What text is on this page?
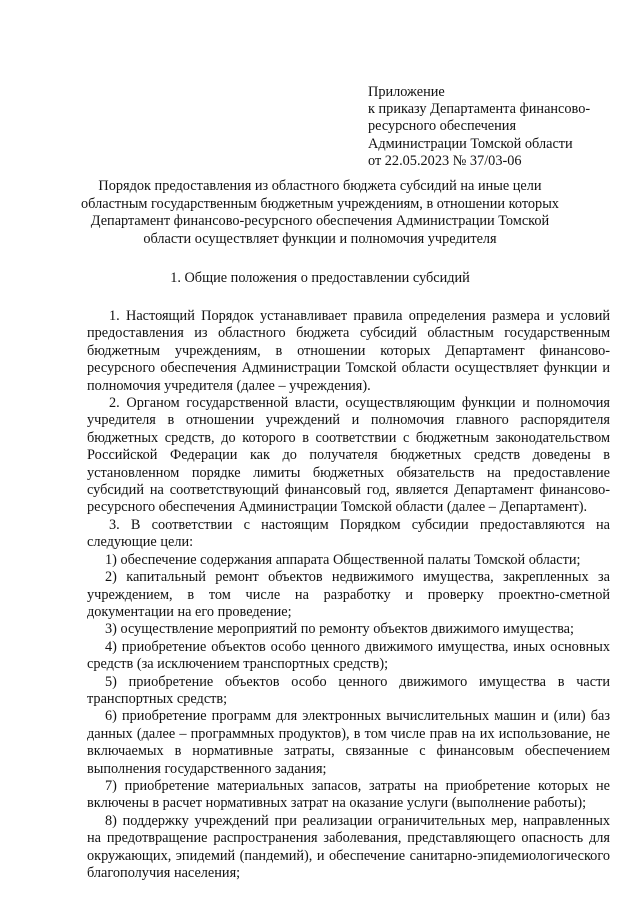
Приложение
к приказу Департамента финансово-
ресурсного обеспечения
Администрации Томской области
от 22.05.2023 № 37/03-06
Порядок предоставления из областного бюджета субсидий на иные цели областным государственным бюджетным учреждениям, в отношении которых Департамент финансово-ресурсного обеспечения Администрации Томской области осуществляет функции и полномочия учредителя
1. Общие положения о предоставлении субсидий

1. Настоящий Порядок устанавливает правила определения размера и условий предоставления из областного бюджета субсидий областным государственным бюджетным учреждениям, в отношении которых Департамент финансово-ресурсного обеспечения Администрации Томской области осуществляет функции и полномочия учредителя (далее ‒ учреждения).

2. Органом государственной власти, осуществляющим функции и полномочия учредителя в отношении учреждений и полномочия главного распорядителя бюджетных средств, до которого в соответствии с бюджетным законодательством Российской Федерации как до получателя бюджетных средств доведены в установленном порядке лимиты бюджетных обязательств на предоставление субсидий на соответствующий финансовый год, является Департамент финансово-ресурсного обеспечения Администрации Томской области (далее – Департамент).

3. В соответствии с настоящим Порядком субсидии предоставляются на следующие цели:

1) обеспечение содержания аппарата Общественной палаты Томской области;

2) капитальный ремонт объектов недвижимого имущества, закрепленных за учреждением, в том числе на разработку и проверку проектно-сметной документации на его проведение;

3) осуществление мероприятий по ремонту объектов движимого имущества;

4) приобретение объектов особо ценного движимого имущества, иных основных средств (за исключением транспортных средств);

5) приобретение объектов особо ценного движимого имущества в части транспортных средств;

6) приобретение программ для электронных вычислительных машин и (или) баз данных (далее – программных продуктов), в том числе прав на их использование, не включаемых в нормативные затраты, связанные с финансовым обеспечением выполнения государственного задания;

7) приобретение материальных запасов, затраты на приобретение которых не включены в расчет нормативных затрат на оказание услуги (выполнение работы);

8) поддержку учреждений при реализации ограничительных мер, направленных на предотвращение распространения заболевания, представляющего опасность для окружающих, эпидемий (пандемий), и обеспечение санитарно-эпидемиологического благополучия населения;
